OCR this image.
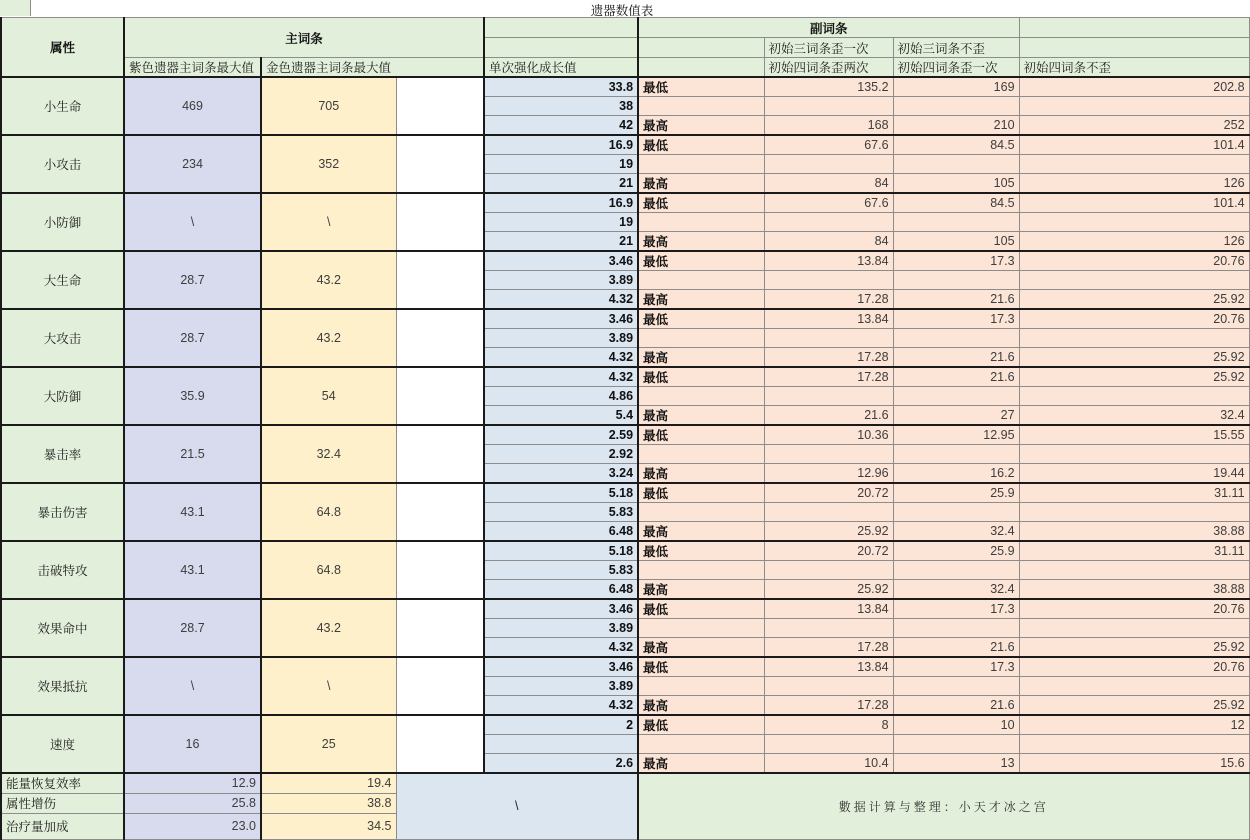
遗器数值表
属性	主词条				副词条			
						初始三词条歪一次	初始三词条不歪	
	紫色遗器主词条最大值	金色遗器主词条最大值		单次强化成长值		初始四词条歪两次	初始四词条歪一次	初始四词条不歪
小生命	469	705		33.8	最低	135.2	169	202.8
				38				
				42	最高	168	210	252
小攻击	234	352		16.9	最低	67.6	84.5	101.4
				19				
				21	最高	84	105	126
小防御	\	\		16.9	最低	67.6	84.5	101.4
				19				
				21	最高	84	105	126
大生命	28.7	43.2		3.46	最低	13.84	17.3	20.76
				3.89				
				4.32	最高	17.28	21.6	25.92
大攻击	28.7	43.2		3.46	最低	13.84	17.3	20.76
				3.89				
				4.32	最高	17.28	21.6	25.92
大防御	35.9	54		4.32	最低	17.28	21.6	25.92
				4.86				
				5.4	最高	21.6	27	32.4
暴击率	21.5	32.4		2.59	最低	10.36	12.95	15.55
				2.92				
				3.24	最高	12.96	16.2	19.44
暴击伤害	43.1	64.8		5.18	最低	20.72	25.9	31.11
				5.83				
				6.48	最高	25.92	32.4	38.88
击破特攻	43.1	64.8		5.18	最低	20.72	25.9	31.11
				5.83				
				6.48	最高	25.92	32.4	38.88
效果命中	28.7	43.2		3.46	最低	13.84	17.3	20.76
				3.89				
				4.32	最高	17.28	21.6	25.92
效果抵抗	\	\		3.46	最低	13.84	17.3	20.76
				3.89				
				4.32	最高	17.28	21.6	25.92
速度	16	25		2	最低	8	10	12

				2.6	最高	10.4	13	15.6
能量恢复效率	12.9	19.4	\		數据计算与整理：小天才冰之宫			
属性增伤	25.8	38.8						
治疗量加成	23.0	34.5						
